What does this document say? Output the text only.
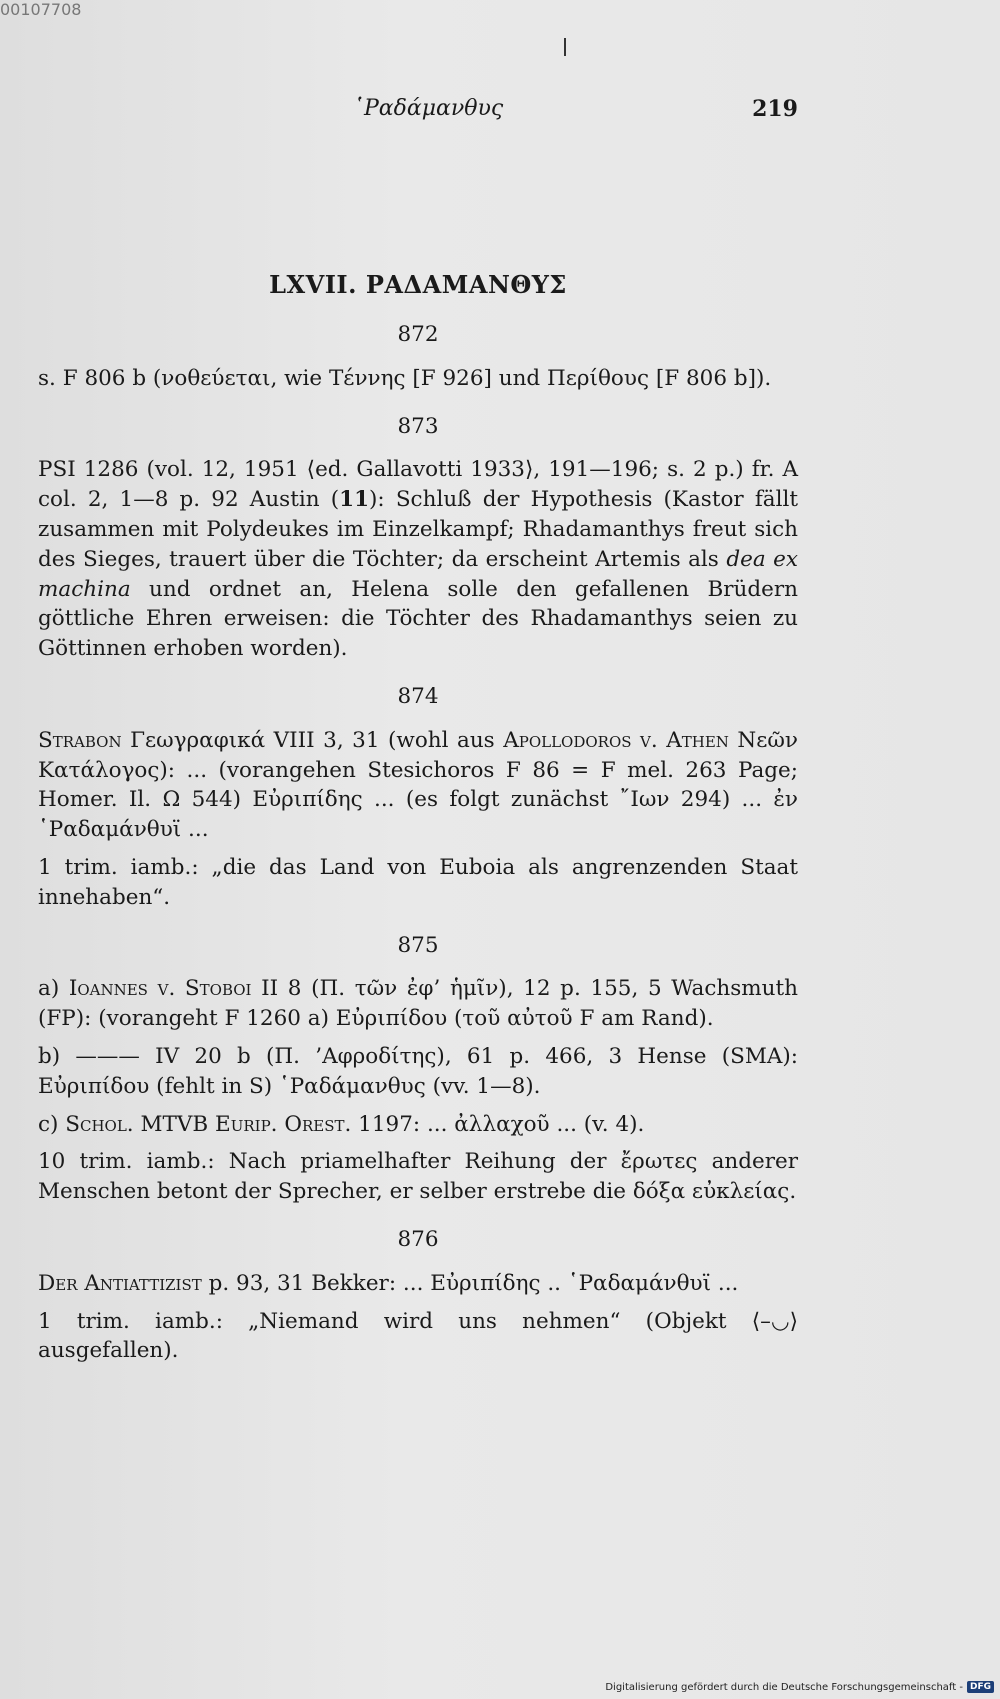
00107708
῾Ραδάμανθυς	219
LXVII. ΡΑΔΑΜΑΝΘΥΣ
872

s. F 806 b (νοθεύεται, wie Τέννης [F 926] und Περίθους [F 806 b]).

873

PSI 1286 (vol. 12, 1951 ⟨ed. Gallavotti 1933⟩, 191—196; s. 2 p.) fr. A col. 2, 1—8 p. 92 Austin (11): Schluß der Hypothesis (Kastor fällt zusammen mit Polydeukes im Einzelkampf; Rhadamanthys freut sich des Sieges, trauert über die Töchter; da erscheint Artemis als dea ex machina und ordnet an, Helena solle den gefallenen Brüdern göttliche Ehren erweisen: die Töchter des Rhadamanthys seien zu Göttinnen erhoben worden).

874

Strabon Γεωγραφικά VIII 3, 31 (wohl aus Apollodoros v. Athen Νεῶν Κατάλογος): ... (vorangehen Stesichoros F 86 = F mel. 263 Page; Homer. Il. Ω 544) Εὐριπίδης ... (es folgt zunächst ῎Ιων 294) ... ἐν ῾Ραδαμάνθυϊ ...

1 trim. iamb.: „die das Land von Euboia als angrenzenden Staat innehaben“.

875

a) Ioannes v. Stoboi II 8 (Π. τῶν ἐφ’ ἡμῖν), 12 p. 155, 5 Wachsmuth (FP): (vorangeht F 1260 a) Εὐριπίδου (τοῦ αὐτοῦ F am Rand).

b) ——— IV 20 b (Π. ’Αφροδίτης), 61 p. 466, 3 Hense (SMA): Εὐριπίδου (fehlt in S) ῾Ραδάμανθυς (vv. 1—8).

c) Schol. MTVB Eurip. Orest. 1197: ... ἀλλαχοῦ ... (v. 4).

10 trim. iamb.: Nach priamelhafter Reihung der ἔρωτες anderer Menschen betont der Sprecher, er selber erstrebe die δόξα εὐκλείας.

876

Der Antiattizist p. 93, 31 Bekker: ... Εὐριπίδης .. ῾Ραδαμάνθυϊ ...

1 trim. iamb.: „Niemand wird uns nehmen“ (Objekt ⟨–◡⟩ ausgefallen).

Digitalisierung gefördert durch die Deutsche Forschungsgemeinschaft - DFG
